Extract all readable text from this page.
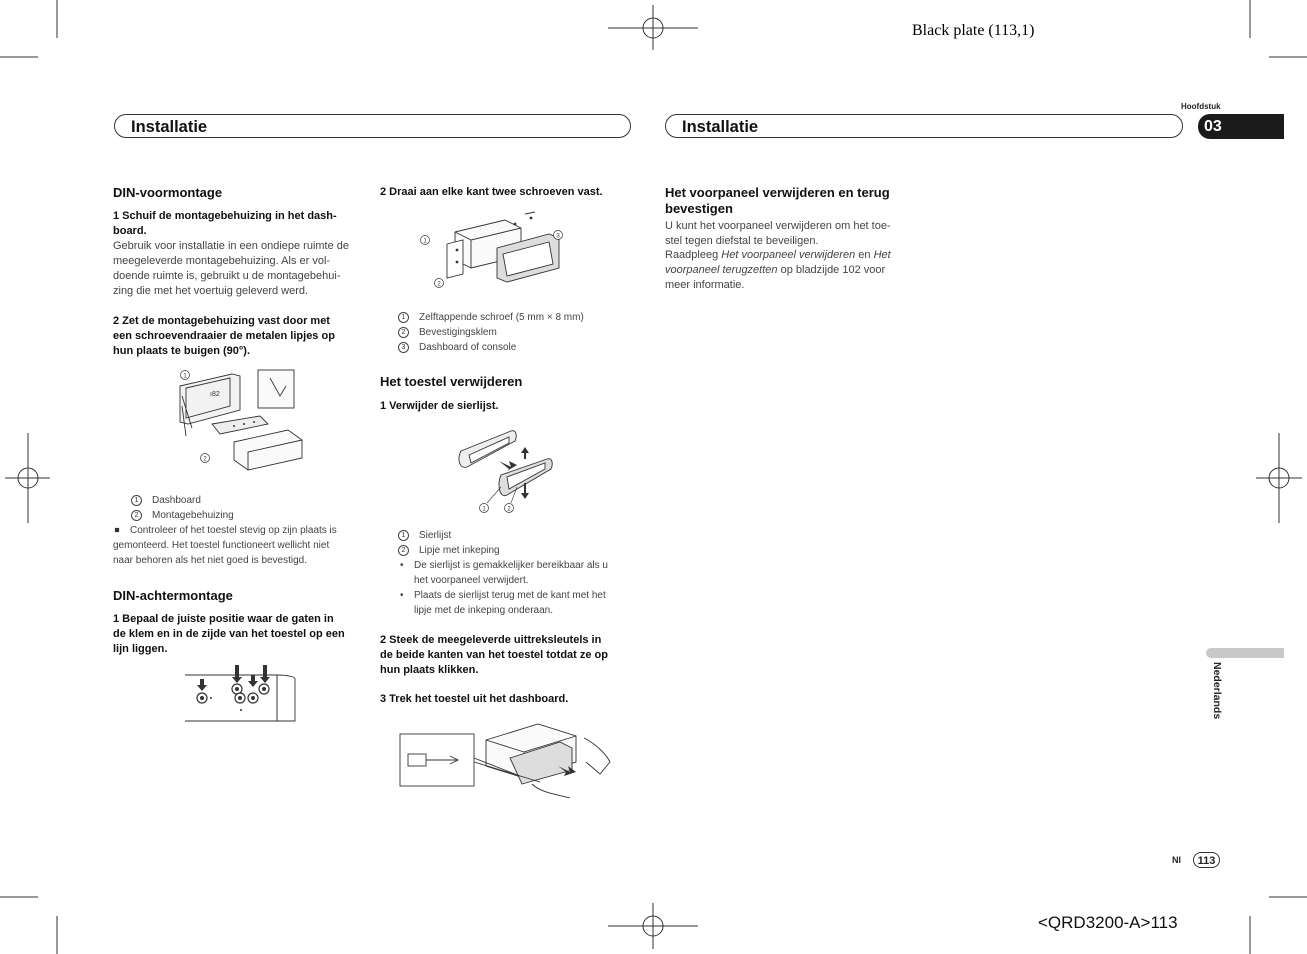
Black plate (113,1)
Installatie	Installatie
Hoofdstuk
03
Nederlands
DIN-voormontage
1 Schuif de montagebehuizing in het dash-
board.
Gebruik voor installatie in een ondiepe ruimte de
meegeleverde montagebehuizing. Als er vol-
doende ruimte is, gebruikt u de montagebehui-
zing die met het voertuig geleverd werd.
2 Zet de montagebehuizing vast door met
een schroevendraaier de metalen lipjes op
hun plaats te buigen (90°).
1
2
ı82
1 Dashboard
2 Montagebehuizing
Controleer of het toestel stevig op zijn plaats is
gemonteerd. Het toestel functioneert wellicht niet
naar behoren als het niet goed is bevestigd.
DIN-achtermontage
1 Bepaal de juiste positie waar de gaten in
de klem en in de zijde van het toestel op een
lijn liggen.
2 Draai aan elke kant twee schroeven vast.
1
2
3
1 Zelftappende schroef (5 mm × 8 mm)
2 Bevestigingsklem
3 Dashboard of console
Het toestel verwijderen
1 Verwijder de sierlijst.
1	2
1 Sierlijst
2 Lipje met inkeping
• De sierlijst is gemakkelijker bereikbaar als u
het voorpaneel verwijdert.
• Plaats de sierlijst terug met de kant met het
lipje met de inkeping onderaan.
2 Steek de meegeleverde uittreksleutels in
de beide kanten van het toestel totdat ze op
hun plaats klikken.
3 Trek het toestel uit het dashboard.
Het voorpaneel verwijderen en terug
bevestigen
U kunt het voorpaneel verwijderen om het toe-
stel tegen diefstal te beveiligen.
Raadpleeg Het voorpaneel verwijderen en Het
voorpaneel terugzetten op bladzijde 102 voor
meer informatie.
Nl	113
<QRD3200-A>113
